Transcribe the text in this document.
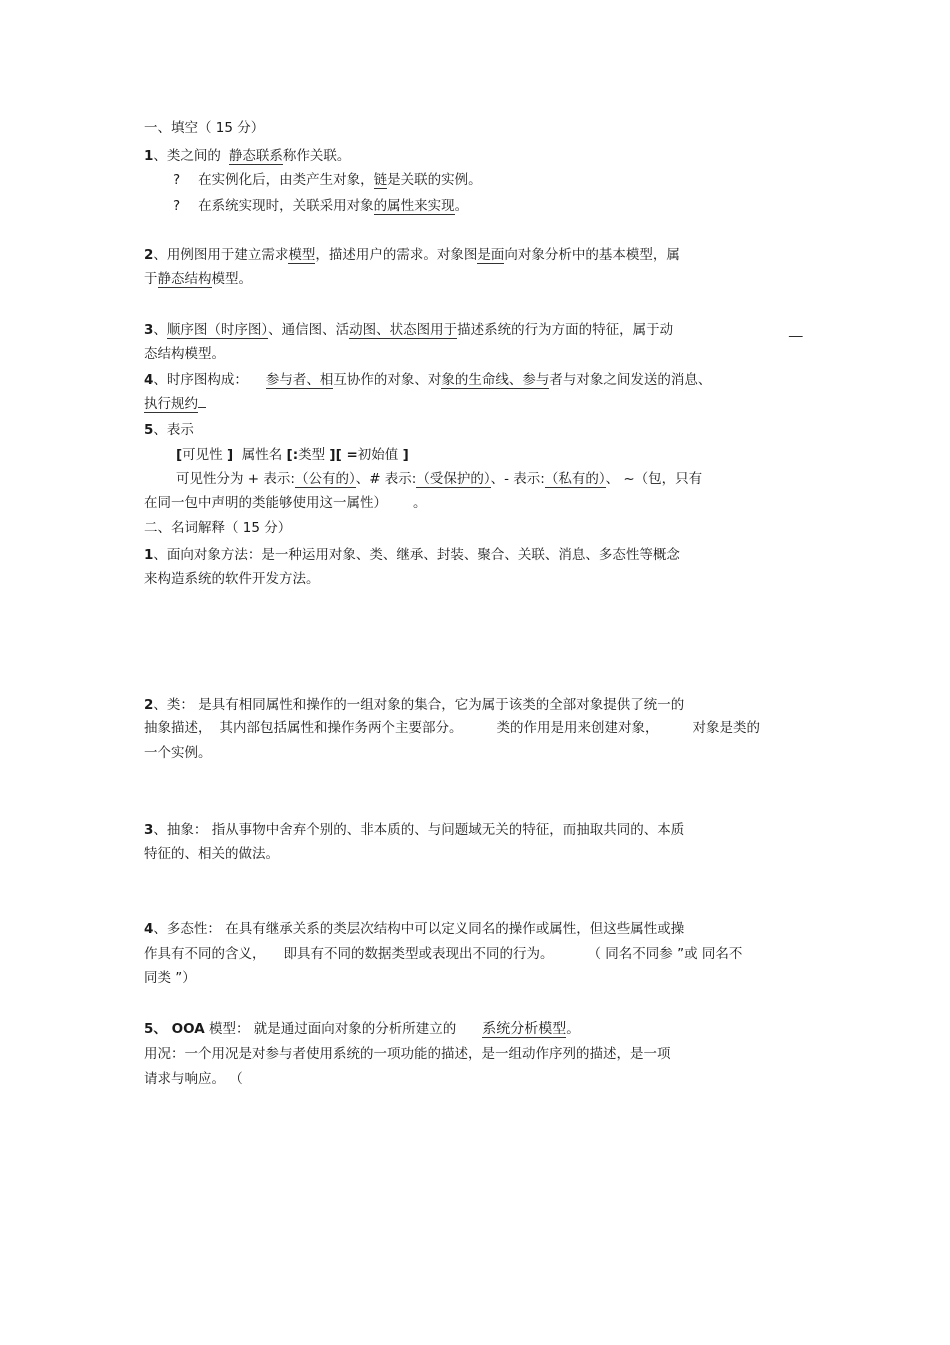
一、填空（ 15 分）
1、类之间的 静态联系称作关联。
? 在实例化后，由类产生对象，链是关联的实例。
? 在系统实现时，关联采用对象的属性来实现。
2、用例图用于建立需求模型，描述用户的需求。对象图是面向对象分析中的基本模型，属
于静态结构模型。
3、顺序图（时序图）、通信图、活动图、状态图用于描述系统的行为方面的特征，属于动	__
态结构模型。
4、时序图构成： 参与者、相互协作的对象、对象的生命线、参与者与对象之间发送的消息、
执行规约
5、表示
[可见性 ] 属性名 [:类型 ][ =初始值 ]
可见性分为 + 表示:（公有的）、# 表示:（受保护的）、- 表示:（私有的）、 ~（包，只有
在同一包中声明的类能够使用这一属性） 。
二、名词解释（ 15 分）
1、面向对象方法：是一种运用对象、类、继承、封装、聚合、关联、消息、多态性等概念
来构造系统的软件开发方法。
2、类： 是具有相同属性和操作的一组对象的集合，它为属于该类的全部对象提供了统一的
抽象描述， 其内部包括属性和操作务两个主要部分。	类的作用是用来创建对象，	对象是类的
一个实例。
3、抽象： 指从事物中舍弃个别的、非本质的、与问题域无关的特征，而抽取共同的、本质
特征的、相关的做法。
4、多态性： 在具有继承关系的类层次结构中可以定义同名的操作或属性，但这些属性或操
作具有不同的含义， 即具有不同的数据类型或表现出不同的行为。	（ 同名不同参 ”或 同名不
同类 ”）
5、 OOA 模型： 就是通过面向对象的分析所建立的 系统分析模型。
用况：一个用况是对参与者使用系统的一项功能的描述，是一组动作序列的描述，是一项
请求与响应。 （
